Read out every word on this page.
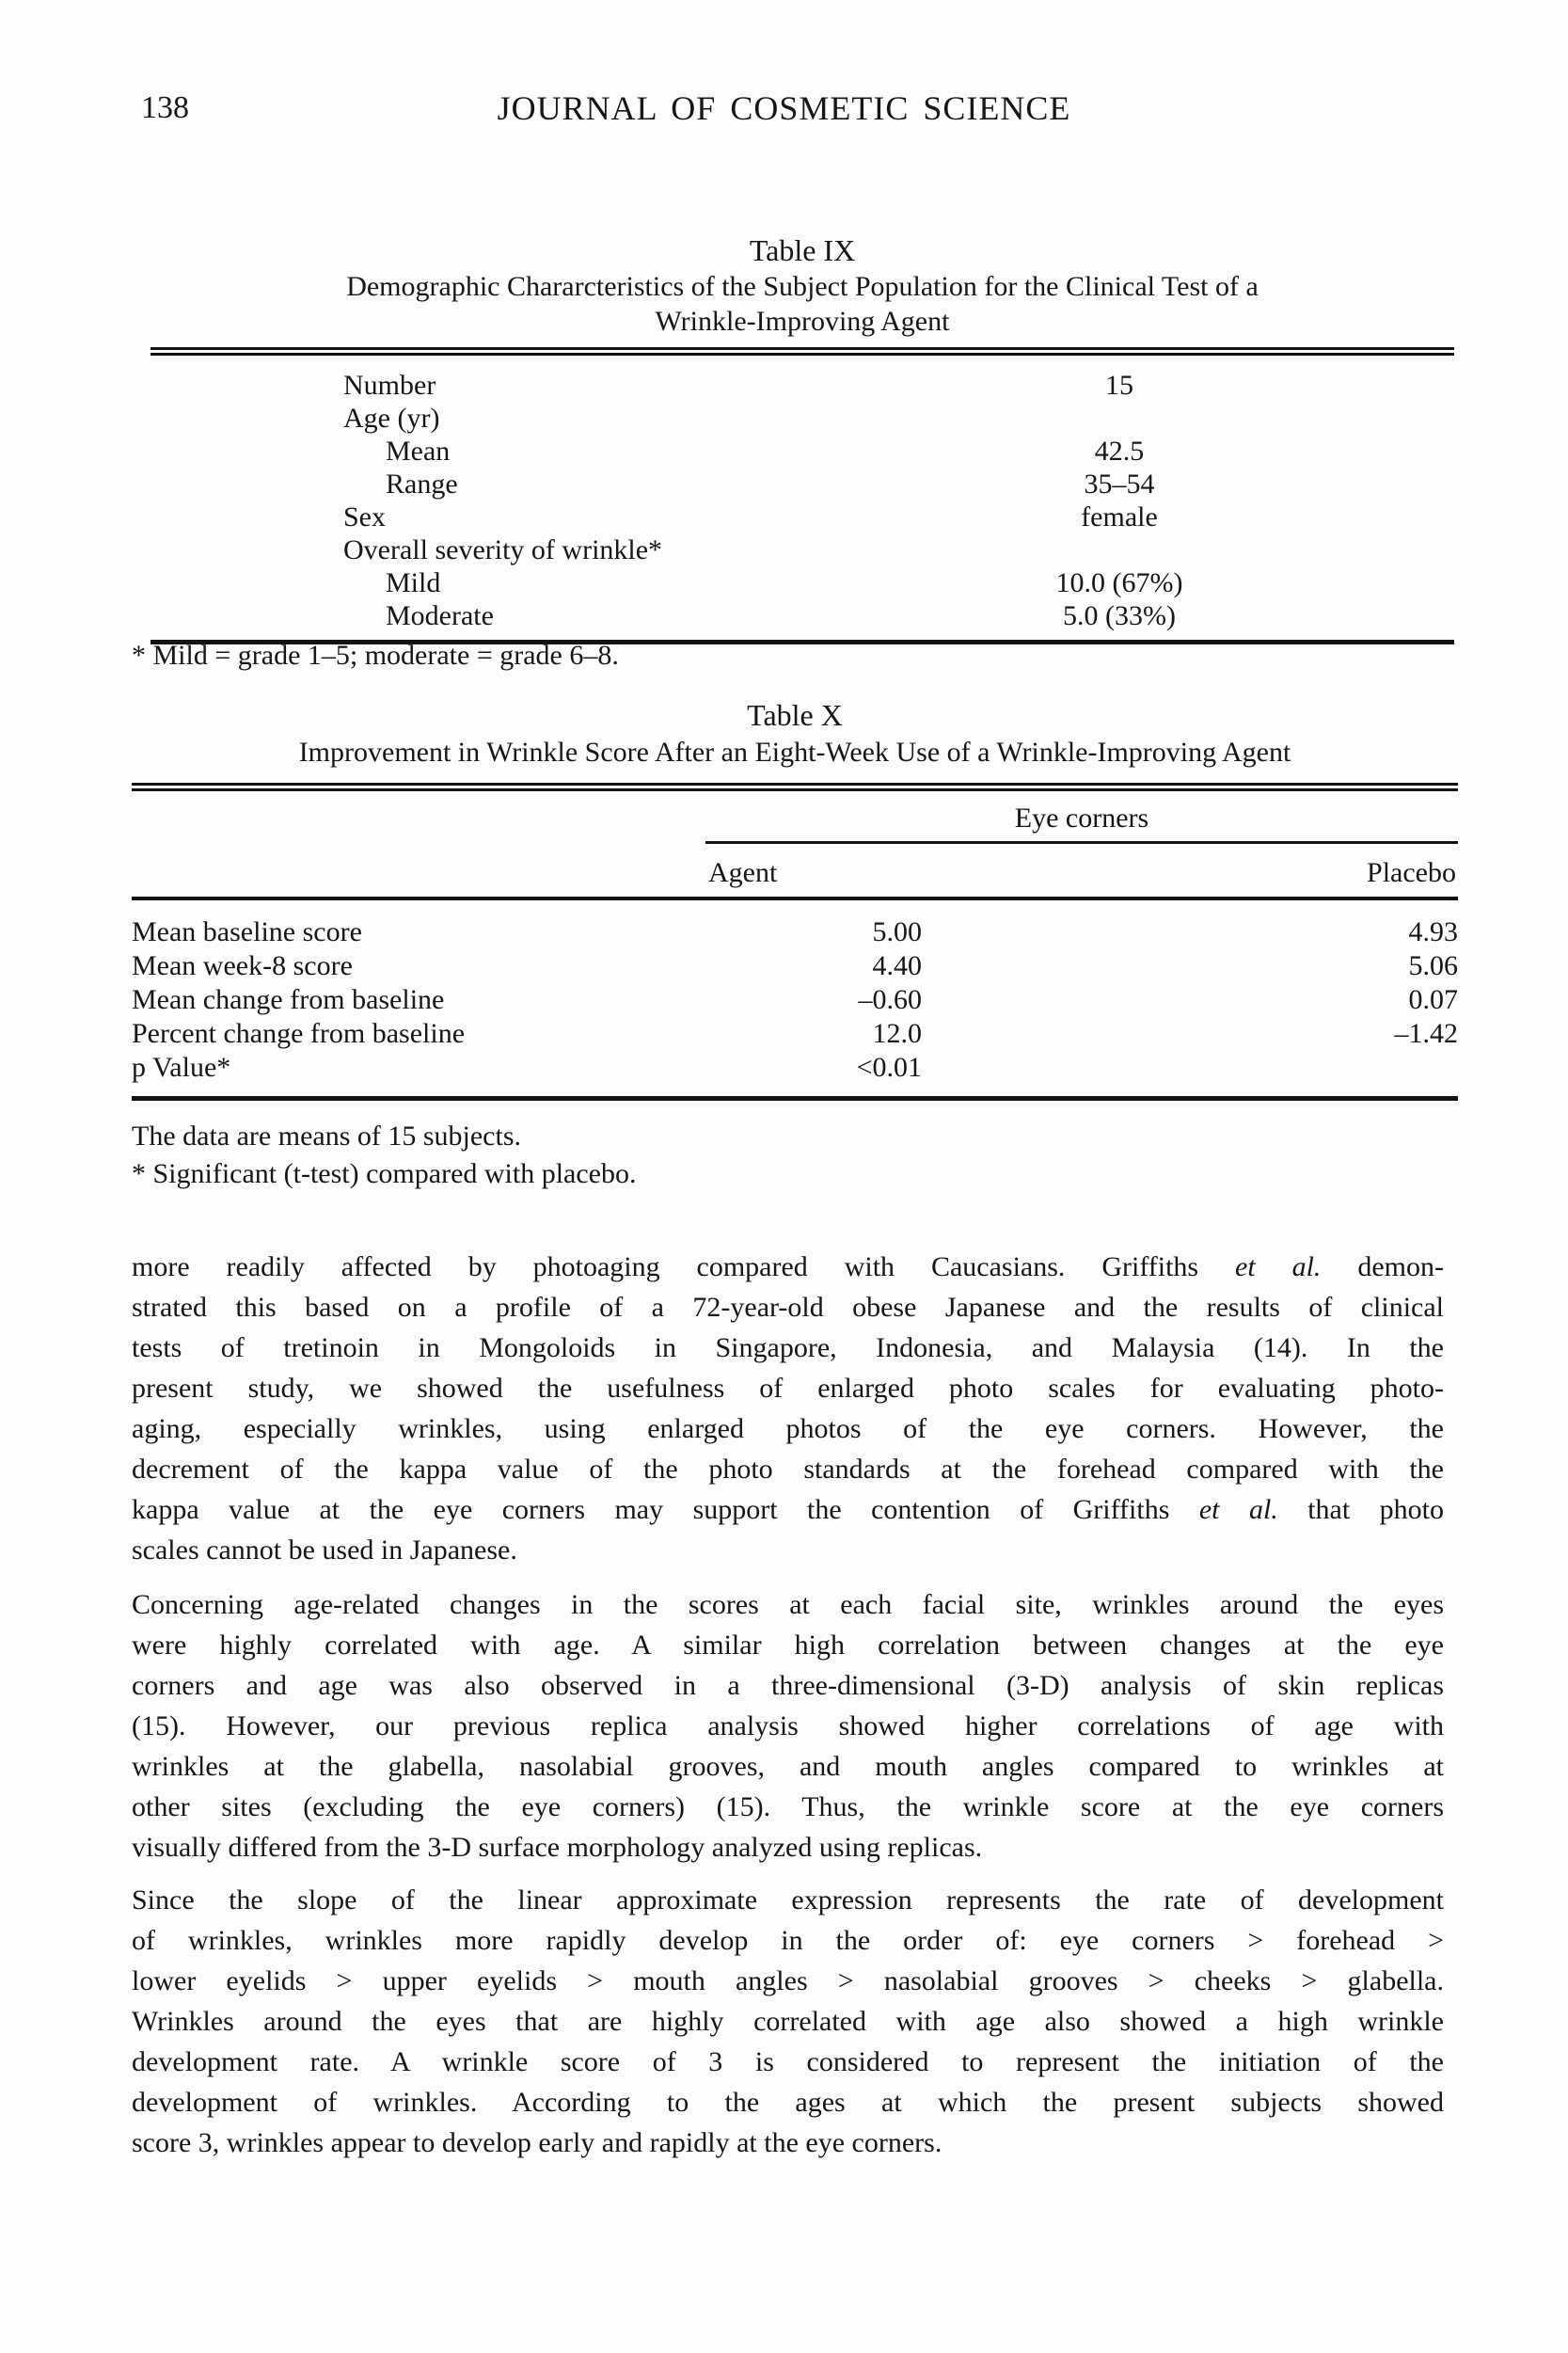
138	JOURNAL OF COSMETIC SCIENCE
Table IX
Demographic Chararcteristics of the Subject Population for the Clinical Test of a
Wrinkle-Improving Agent
Number	15
Age (yr)
Mean	42.5
Range	35–54
Sex	female
Overall severity of wrinkle*
Mild	10.0 (67%)
Moderate	5.0 (33%)
* Mild = grade 1–5; moderate = grade 6–8.
Table X
Improvement in Wrinkle Score After an Eight-Week Use of a Wrinkle-Improving Agent
Eye corners
Agent	Placebo
Mean baseline score	5.00	4.93
Mean week-8 score	4.40	5.06
Mean change from baseline	–0.60	0.07
Percent change from baseline	12.0	–1.42
p Value*	<0.01
The data are means of 15 subjects.
* Significant (t-test) compared with placebo.
more readily affected by photoaging compared with Caucasians. Griffiths et al. demon-
strated this based on a profile of a 72-year-old obese Japanese and the results of clinical
tests of tretinoin in Mongoloids in Singapore, Indonesia, and Malaysia (14). In the
present study, we showed the usefulness of enlarged photo scales for evaluating photo-
aging, especially wrinkles, using enlarged photos of the eye corners. However, the
decrement of the kappa value of the photo standards at the forehead compared with the
kappa value at the eye corners may support the contention of Griffiths et al. that photo
scales cannot be used in Japanese.
Concerning age-related changes in the scores at each facial site, wrinkles around the eyes
were highly correlated with age. A similar high correlation between changes at the eye
corners and age was also observed in a three-dimensional (3-D) analysis of skin replicas
(15). However, our previous replica analysis showed higher correlations of age with
wrinkles at the glabella, nasolabial grooves, and mouth angles compared to wrinkles at
other sites (excluding the eye corners) (15). Thus, the wrinkle score at the eye corners
visually differed from the 3-D surface morphology analyzed using replicas.
Since the slope of the linear approximate expression represents the rate of development
of wrinkles, wrinkles more rapidly develop in the order of: eye corners > forehead >
lower eyelids > upper eyelids > mouth angles > nasolabial grooves > cheeks > glabella.
Wrinkles around the eyes that are highly correlated with age also showed a high wrinkle
development rate. A wrinkle score of 3 is considered to represent the initiation of the
development of wrinkles. According to the ages at which the present subjects showed
score 3, wrinkles appear to develop early and rapidly at the eye corners.
